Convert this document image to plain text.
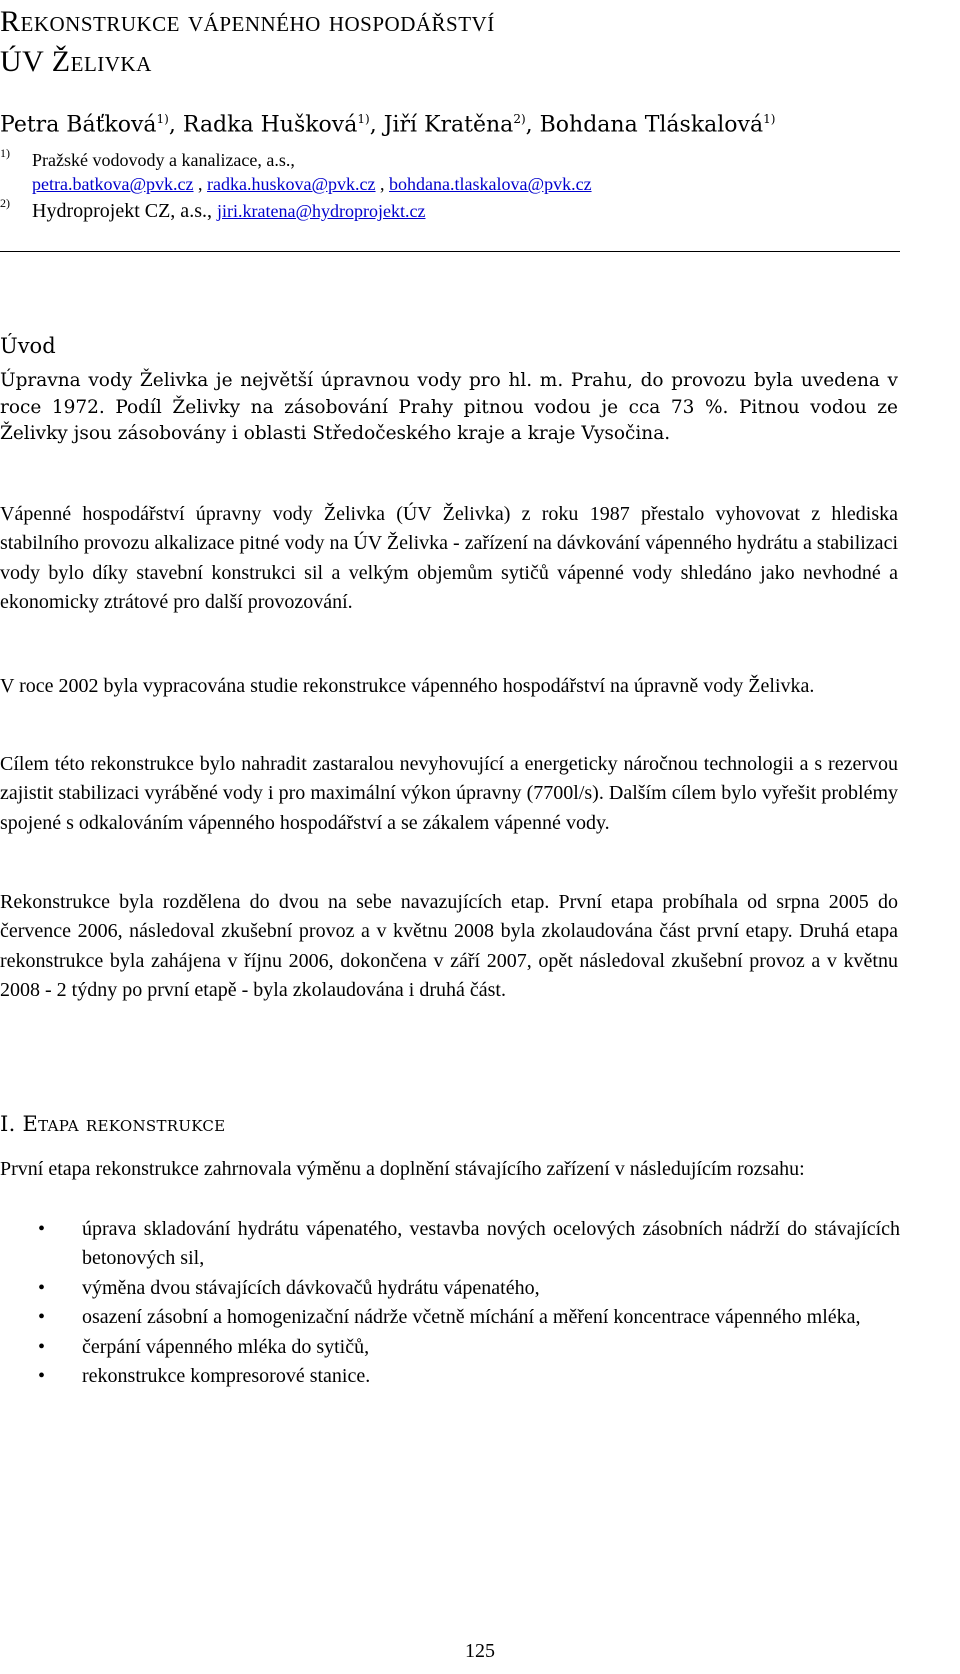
Rekonstrukce vápenného hospodářství
ÚV Želivka
Petra Báťková$^{1)}$, Radka Hušková$^{1)}$, Jiří Kratěna$^{2)}$, Bohdana Tláskalová$^{1)}$
1) Pražské vodovody a kanalizace, a.s.,
petra.batkova@pvk.cz , radka.huskova@pvk.cz , bohdana.tlaskalova@pvk.cz
2) Hydroprojekt CZ, a.s., jiri.kratena@hydroprojekt.cz
Úvod

Úpravna vody Želivka je největší úpravnou vody pro hl. m. Prahu, do provozu byla uvedena v roce 1972. Podíl Želivky na zásobování Prahy pitnou vodou je cca 73 %. Pitnou vodou ze Želivky jsou zásobovány i oblasti Středočeského kraje a kraje Vysočina.

Vápenné hospodářství úpravny vody Želivka (ÚV Želivka) z roku 1987 přestalo vyhovovat z hlediska stabilního provozu alkalizace pitné vody na ÚV Želivka - zařízení na dávkování vápenného hydrátu a stabilizaci vody bylo díky stavební konstrukci sil a velkým objemům sytičů vápenné vody shledáno jako nevhodné a ekonomicky ztrátové pro další provozování.

V roce 2002 byla vypracována studie rekonstrukce vápenného hospodářství na úpravně vody Želivka.

Cílem této rekonstrukce bylo nahradit zastaralou nevyhovující a energeticky náročnou technologii a s rezervou zajistit stabilizaci vyráběné vody i pro maximální výkon úpravny (7700l/s). Dalším cílem bylo vyřešit problémy spojené s odkalováním vápenného hospodářství a se zákalem vápenné vody.

Rekonstrukce byla rozdělena do dvou na sebe navazujících etap. První etapa probíhala od srpna 2005 do července 2006, následoval zkušební provoz a v květnu 2008 byla zkolaudována část první etapy. Druhá etapa rekonstrukce byla zahájena v říjnu 2006, dokončena v září 2007, opět následoval zkušební provoz a v květnu 2008 - 2 týdny po první etapě - byla zkolaudována i druhá část.

I. Etapa rekonstrukce

První etapa rekonstrukce zahrnovala výměnu a doplnění stávajícího zařízení v následujícím rozsahu:

• úprava skladování hydrátu vápenatého, vestavba nových ocelových zásobních nádrží do stávajících betonových sil,
• výměna dvou stávajících dávkovačů hydrátu vápenatého,
• osazení zásobní a homogenizační nádrže včetně míchání a měření koncentrace vápenného mléka,
• čerpání vápenného mléka do sytičů,
• rekonstrukce kompresorové stanice.
125
